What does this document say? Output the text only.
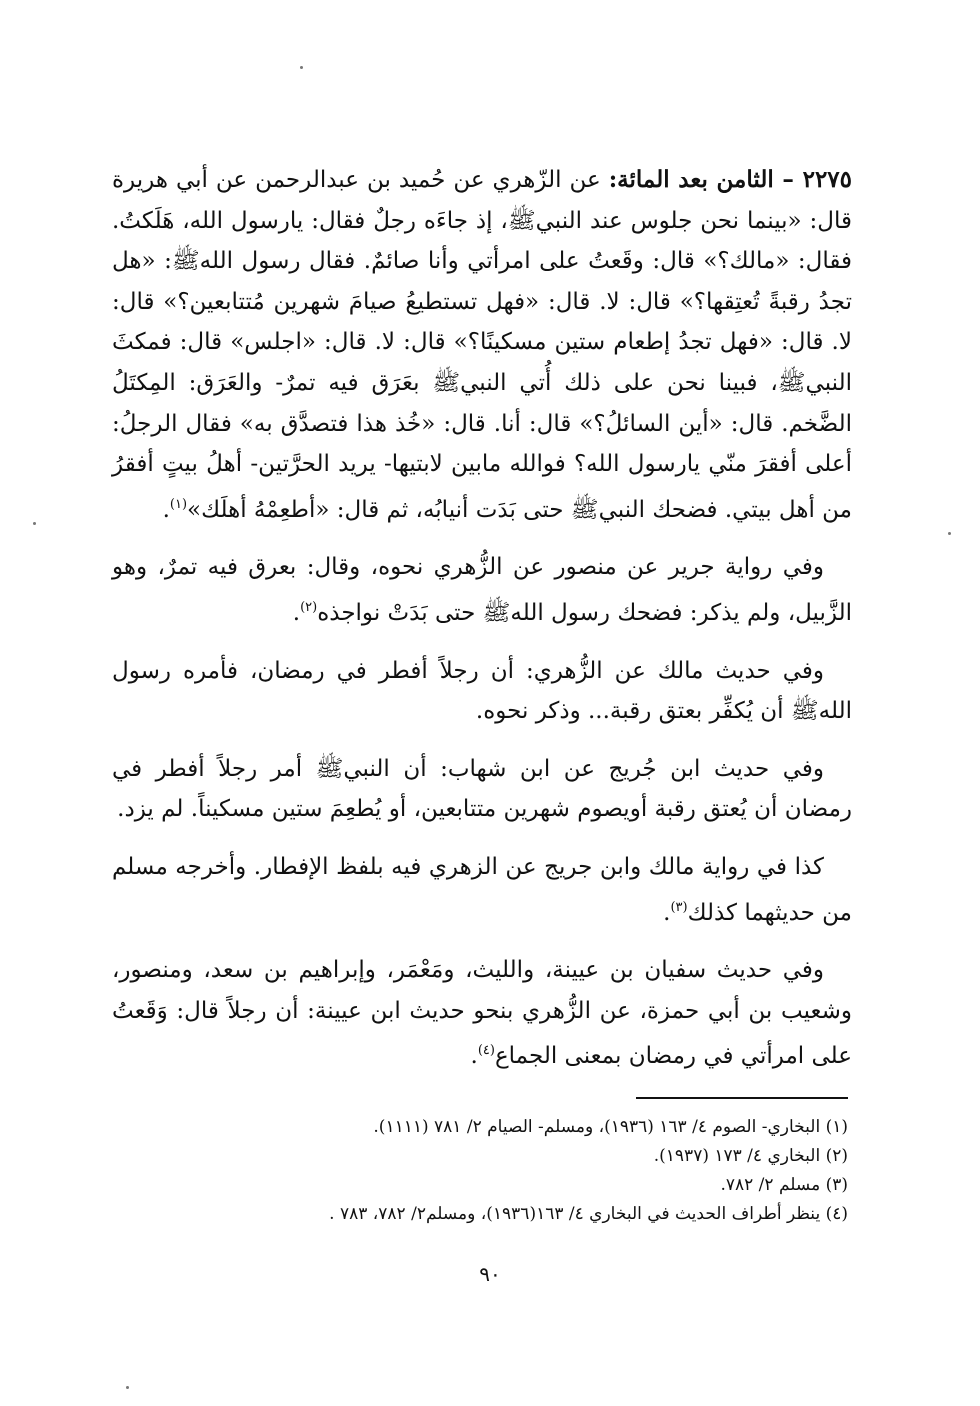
٢٢٧٥ – الثامن بعد المائة: عن الزّهري عن حُميد بن عبدالرحمن عن أبي هريرة قال: «بينما نحن جلوس عند النبيﷺ، إذ جاءَه رجلٌ فقال: يارسول الله، هَلَكتُ. فقال: «مالك؟» قال: وقَعتُ على امرأتي وأنا صائمٌ. فقال رسول اللهﷺ: «هل تجدُ رقبةً تُعتِقها؟» قال: لا. قال: «فهل تستطيعُ صيامَ شهرين مُتتابعين؟» قال: لا. قال: «فهل تجدُ إطعام ستين مسكينًا؟» قال: لا. قال: «اجلس» قال: فمكثَ النبيﷺ، فبينا نحن على ذلك أُتي النبيﷺ بعَرَق فيه تمرٌ- والعَرَق: المِكتَلُ الضَّخم. قال: «أين السائلُ؟» قال: أنا. قال: «خُذ هذا فتصدَّق به» فقال الرجلُ: أعلى أفقرَ منّي يارسول الله؟ فوالله مابين لابتيها- يريد الحرَّتين- أهلُ بيتٍ أفقرُ من أهل بيتي. فضحك النبيﷺ حتى بَدَت أنيابُه، ثم قال: «أطعِمْهُ أهلَك»$^{(١)}$.

وفي رواية جرير عن منصور عن الزُّهري نحوه، وقال: بعرق فيه تمرٌ، وهو الزَّبيل، ولم يذكر: فضحك رسول اللهﷺ حتى بَدَتْ نواجذه$^{(٢)}$.

وفي حديث مالك عن الزُّهري: أن رجلاً أفطر في رمضان، فأمره رسول اللهﷺ أن يُكفِّر بعتق رقبة... وذكر نحوه.

وفي حديث ابن جُريج عن ابن شهاب: أن النبيﷺ أمر رجلاً أفطر في رمضان أن يُعتق رقبة أويصوم شهرين متتابعين، أو يُطعِمَ ستين مسكيناً. لم يزد.

كذا في رواية مالك وابن جريج عن الزهري فيه بلفظ الإفطار. وأخرجه مسلم من حديثهما كذلك$^{(٣)}$.

وفي حديث سفيان بن عيينة، والليث، ومَعْمَر، وإبراهيم بن سعد، ومنصور، وشعيب بن أبي حمزة، عن الزُّهري بنحو حديث ابن عيينة: أن رجلاً قال: وَقَعتُ على امرأتي في رمضان بمعنى الجماع$^{(٤)}$.

(١) البخاري- الصوم ٤/ ١٦٣ (١٩٣٦)، ومسلم- الصيام ٢/ ٧٨١ (١١١١).
(٢) البخاري ٤/ ١٧٣ (١٩٣٧).
(٣) مسلم ٢/ ٧٨٢.
(٤) ينظر أطراف الحديث في البخاري ٤/ ١٦٣(١٩٣٦)، ومسلم٢/ ٧٨٢، ٧٨٣ .
٩٠
